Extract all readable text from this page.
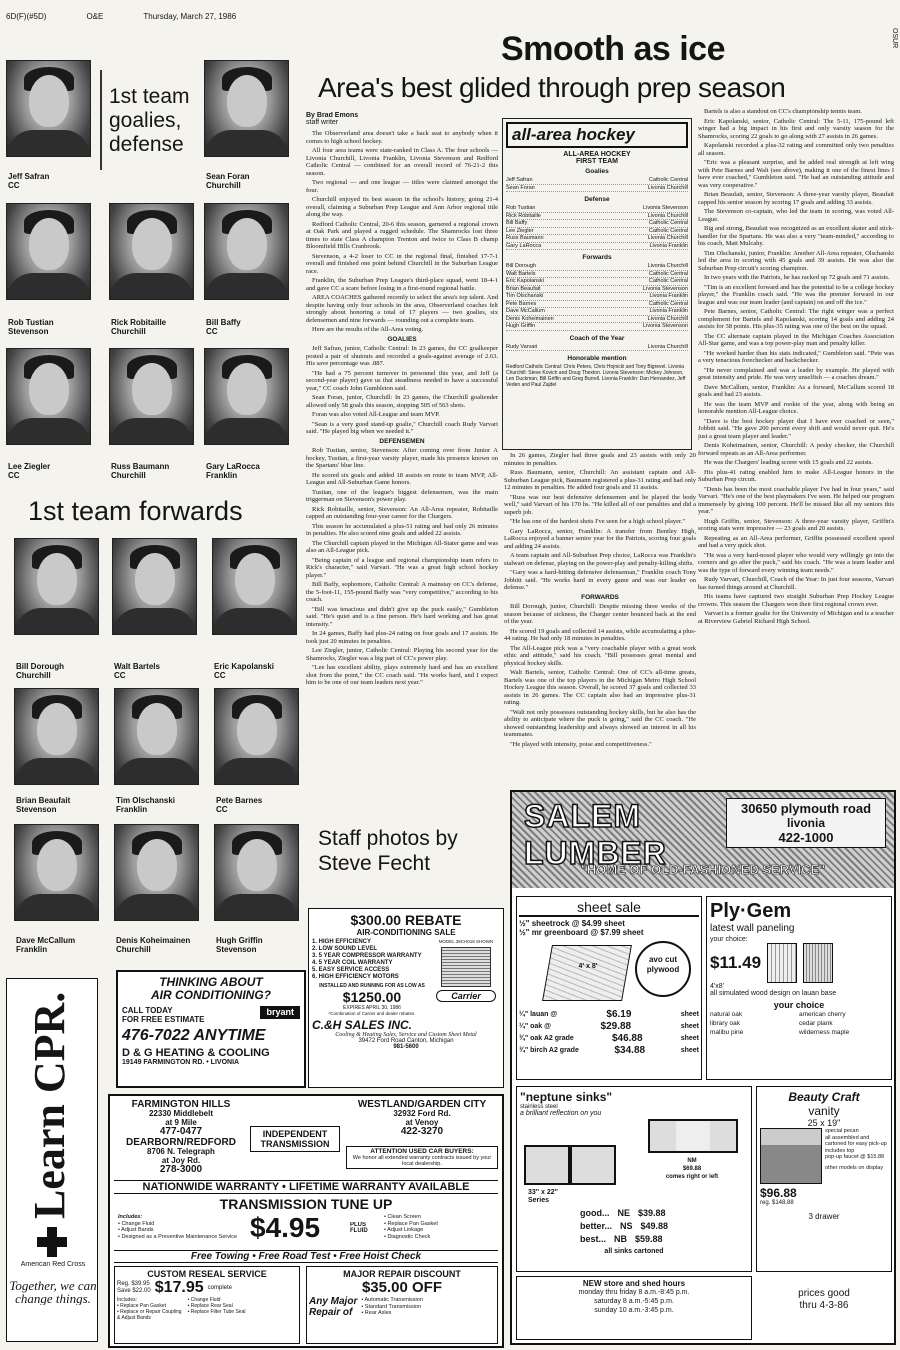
6D(F)(#5D)	O&E	Thursday, March 27, 1986
OSUR
Smooth as ice
Area's best glided through prep season
1st team
goalies,
defense
Jeff Safran
CC
Sean Foran
Churchill
Rob Tustian
Stevenson
Rick Robitaille
Churchill
Bill Baffy
CC
Lee Ziegler
CC
Russ Baumann
Churchill
Gary LaRocca
Franklin
1st team forwards
Bill Dorough
Churchill
Walt Bartels
CC
Eric Kapolanski
CC
Brian Beaufait
Stevenson
Tim Olschanski
Franklin
Pete Barnes
CC
Dave McCallum
Franklin
Denis Koheimainen
Churchill
Hugh Griffin
Stevenson
By Brad Emons
staff writer

The Observerland area doesn't take a back seat to anybody when it comes to high school hockey.

All four area teams were state-ranked in Class A. The four schools — Livonia Churchill, Livonia Franklin, Livonia Stevenson and Redford Catholic Central — combined for an overall record of 76-21-2 this season.

Two regional — and one league — titles were claimed amongst the four.

Churchill enjoyed its best season in the school's history, going 21-4 overall, claiming a Suburban Prep League and Ann Arbor regional title along the way.

Redford Catholic Central, 20-6 this season, garnered a regional crown at Oak Park and played a rugged schedule. The Shamrocks lost three times to state Class A champion Trenton and twice to Class B champ Bloomfield Hills Cranbrook.

Stevenson, a 4-2 loser to CC in the regional final, finished 17-7-1 overall and finished one point behind Churchill in the Suburban League race.

Franklin, the Suburban Prep League's third-place squad, went 18-4-1 and gave CC a scare before losing in a first-round regional battle.

AREA COACHES gathered recently to select the area's top talent. And despite having only four schools in the area, Observerland coaches felt strongly about honoring a total of 17 players — two goalies, six defensemen and nine forwards — rounding out a complete team.

Here are the results of the All-Area voting.

GOALIES

Jeff Safran, junior, Catholic Central: In 23 games, the CC goalkeeper posted a pair of shutouts and recorded a goals-against average of 2.63. His save percentage was .887.

"He had a 75 percent turnover in personnel this year, and Jeff (a second-year player) gave us that steadiness needed to have a successful year," CC coach John Gumbleton said.

Sean Foran, junior, Churchill: In 23 games, the Churchill goaltender allowed only 58 goals this season, stopping 505 of 563 shots.

Foran was also voted All-League and team MVP.

"Sean is a very good stand-up goalie," Churchill coach Rudy Varvari said. "He played big when we needed it."

DEFENSEMEN

Rob Tustian, senior, Stevenson: After coming over from Junior A hockey, Tustian, a first-year varsity player, made his presence known on the Spartans' blue line.

He scored six goals and added 18 assists en route to team MVP, All-League and All-Suburban Game honors.

Tustian, one of the league's biggest defensemen, was the main triggerman on Stevenson's power play.

Rick Robitaille, senior, Stevenson: An All-Area repeater, Robitaille capped an outstanding four-year career for the Chargers.

This season he accumulated a plus-51 rating and had only 26 minutes in penalties. He also scored nine goals and added 22 assists.

The Churchill captain played in the Michigan All-Stater game and was also an All-League pick.

"Being captain of a league and regional championship team refers to Rick's character," said Varvari. "He was a great high school hockey player."

Bill Baffy, sophomore, Catholic Central: A mainstay on CC's defense, the 5-foot-11, 155-pound Baffy was "very competitive," according to his coach.

"Bill was tenacious and didn't give up the puck easily," Gumbleton said. "He's quiet and is a fine person. He's hard working and has great intensity."

In 24 games, Baffy had plus-24 rating on four goals and 17 assists. He took just 20 minutes in penalties.

Lee Ziegler, junior, Catholic Central: Playing his second year for the Shamrocks, Ziegler was a big part of CC's power play.

"Lee has excellent ability, plays extremely hard and has an excellent shot from the point," the CC coach said. "He works hard, and I expect him to be one of our team leaders next year."

all-area hockey
ALL-AREA HOCKEY
FIRST TEAM
Goalies
Jeff Safran	Catholic Central
Sean Foran	Livonia Churchill
Defense
Rob Tustian	Livonia Stevenson
Rick Robitaille	Livonia Churchill
Bill Baffy	Catholic Central
Lee Ziegler	Catholic Central
Russ Baumann	Livonia Churchill
Gary LaRocca	Livonia Franklin
Forwards
Bill Dorough	Livonia Churchill
Walt Bartels	Catholic Central
Eric Kapolanski	Catholic Central
Brian Beaufait	Livonia Stevenson
Tim Olschanski	Livonia Franklin
Pete Barnes	Catholic Central
Dave McCallum	Livonia Franklin
Denis Koheimainen	Livonia Churchill
Hugh Griffin	Livonia Stevenson
Coach of the Year
Rudy Varvari	Livonia Churchill
Honorable mention
Redford Catholic Central: Chris Peters, Chris Hojnicki and Tony Bigrevel. Livonia Churchill: Steve Kovich and Doug Thexton. Livonia Stevenson: Mickey Johnson, Len Duckman, Bill Griffin and Greg Burrell. Livonia Franklin: Dan Hernandez, Jeff Veden and Paul Zajdel

In 26 games, Ziegler had three goals and 23 assists with only 20 minutes in penalties.

Russ Baumann, senior, Churchill: An assistant captain and All-Suburban League pick, Baumann registered a plus-31 rating and had only 12 minutes in penalties. He added four goals and 11 assists.

"Russ was our best defensive defensemen and he played the body well," said Varvari of his 170 hs. "He killed all of our penalties and did a superb job.

"He has one of the hardest shots I've seen for a high school player."

Gary LaRocca, senior, Franklin: A transfer from Bentley High, LaRocca enjoyed a banner senior year for the Patriots, scoring four goals and adding 24 assists.

A team captain and All-Suburban Prep choice, LaRocca was Franklin's stalwart on defense, playing on the power-play and penalty-killing shifts.

"Gary was a hard-hitting defensive defenseman," Franklin coach Tony Jobbitt said. "He works hard in every game and was our leader on defense."

FORWARDS

Bill Dorough, junior, Churchill: Despite missing three weeks of the season because of sickness, the Charger center bounced back at the end of the year.

He scored 19 goals and collected 14 assists, while accumulating a plus-44 rating. He had only 18 minutes in penalties.

The All-League pick was a "very coachable player with a great work ethic and attitude," said his coach. "Bill possesses great mental and physical hockey skills.

Walt Bartels, senior, Catholic Central: One of CC's all-time greats, Bartels was one of the top players in the Michigan Metro High School Hockey League this season. Overall, he scored 37 goals and collected 33 assists in 26 games. The CC captain also had an impressive plus-31 rating.

"Walt not only possesses outstanding hockey skills, but he also has the ability to anticipate where the puck is going," said the CC coach. "He showed outstanding leadership and always showed an interest in all his teammates.

"He played with intensity, poise and competitiveness."

Bartels is also a standout on CC's championship tennis team.

Eric Kapolanski, senior, Catholic Central: The 5-11, 175-pound left winger had a big impact in his first and only varsity season for the Shamrocks, scoring 22 goals to go along with 27 assists in 26 games.

Kapolanski recorded a plus-32 rating and committed only two penalties all season.

"Eric was a pleasant surprise, and he added real strength at left wing with Pete Barnes and Walt (see above), making it one of the finest lines I have ever coached," Gumbleton said. "He had an outstanding attitude and was very cooperative."

Brian Beaufait, senior, Stevenson: A three-year varsity player, Beaufait capped his senior season by scoring 17 goals and adding 33 assists.

The Stevenson co-captain, who led the team in scoring, was voted All-League.

Big and strong, Beaufait was recognized as an excellent skater and stick-handler for the Spartans. He was also a very "team-minded," according to his coach, Matt Mulcahy.

Tim Olschanski, junior, Franklin: Another All-Area repeater, Olschanski led the area in scoring with 45 goals and 39 assists. He was also the Suburban Prep circuit's scoring champion.

In two years with the Patriots, he has racked up 72 goals and 71 assists.

"Tim is an excellent forward and has the potential to be a college hockey player," the Franklin coach said. "He was the premier forward in our league and was our team leader (and captain) on and off the ice."

Pete Barnes, senior, Catholic Central: The right winger was a perfect complement for Bartels and Kapolanski, scoring 14 goals and adding 24 assists for 38 points. His plus-35 rating was one of the best on the squad.

The CC alternate captain played in the Michigan Coaches Association All-Star game, and was a top power-play man and penalty killer.

"He worked harder than his stats indicated," Gumbleton said. "Pete was a very tenacious forechecker and backchecker.

"He never complained and was a leader by example. He played with great intensity and pride. He was very unselfish — a coaches dream."

Dave McCallum, senior, Franklin: As a forward, McCallum scored 18 goals and had 23 assists.

He was the team MVP and rookie of the year, along with being an honorable mention All-League choice.

"Dave is the best hockey player that I have ever coached or seen," Jobbitt said. "He gave 200 percent every shift and would never quit. He's just a great team player and leader."

Denis Koheimainen, senior, Churchill: A pesky checker, the Churchill forward repeats as an All-Area performer.

He was the Chargers' leading scorer with 15 goals and 22 assists.

His plus-41 rating enabled him to make All-League honors in the Suburban Prep circuit.

"Denis has been the most coachable player I've had in four years," said Varvari. "He's one of the best playmakers I've seen. He helped our program immensely by giving 100 percent. He'll be missed like all my seniors this year."

Hugh Griffin, senior, Stevenson: A three-year varsity player, Griffin's scoring stats were impressive — 23 goals and 20 assists.

Repeating as an All-Area performer, Griffin possessed excellent speed and had a very quick shot.

"He was a very hard-nosed player who would very willingly go into the corners and go after the puck," said his coach. "He was a team leader and was the type of forward every winning team needs."

Rudy Varvari, Churchill, Coach of the Year: In just four seasons, Varvari has turned things around at Churchill.

His teams have captured two straight Suburban Prep Hockey League crowns. This season the Chargers won their first regional crown ever.

Varvari is a former goalie for the University of Michigan and is a teacher at Riverview Gabriel Richard High School.

Staff photos by Steve Fecht
Learn CPR.
American Red Cross
Together, we can change things.
THINKING ABOUT
AIR CONDITIONING?
CALL TODAY
FOR FREE ESTIMATE
bryant
476-7022 ANYTIME
D & G HEATING & COOLING
19149 FARMINGTON RD. • LIVONIA
$300.00 REBATE
AIR-CONDITIONING SALE
1. HIGH EFFICIENCY
2. LOW SOUND LEVEL
3. 5 YEAR COMPRESSOR WARRANTY
4. 5 YEAR COIL WARRANTY
5. EASY SERVICE ACCESS
6. HIGH EFFICIENCY MOTORS
INSTALLED AND RUNNING FOR AS LOW AS
$1250.00
EXPIRES APRIL 30, 1986
*Combination of Carrier and dealer rebates.
MODEL 38CH018 SHOWN
Carrier
C.&H SALES INC.
Cooling & Heating Sales, Service and Custom Sheet Metal
39472 Ford Road Canton, Michigan
981-5600
FARMINGTON HILLS
22330 Middlebelt
at 9 Mile
477-0477
DEARBORN/REDFORD
8706 N. Telegraph
at Joy Rd.
278-3000
INDEPENDENT
TRANSMISSION
WESTLAND/GARDEN CITY
32932 Ford Rd.
at Venoy
422-3270
ATTENTION USED CAR BUYERS:
We honor all extended warranty contracts issued by your local dealership.
NATIONWIDE WARRANTY • LIFETIME WARRANTY AVAILABLE
TRANSMISSION TUNE UP
Includes:
• Change Fluid
• Adjust Bands
• Designed as a Preventive Maintenance Service $4.95	PLUS FLUID
• Clean Screen
• Replace Pan Gasket
• Adjust Linkage
• Diagnostic Check
Free Towing • Free Road Test • Free Hoist Check
CUSTOM RESEAL SERVICE
Reg. $39.95
Save $22.00 $17.95 complete
Includes:
• Replace Pan Gasket
• Replace or Repair Coupling
& Adjust Bands
• Change Fluid
• Replace Rear Seal
• Replace Filter Tube Seal
MAJOR REPAIR DISCOUNT
$35.00 OFF
Any Major
Repair of
• Automatic Transmission
• Standard Transmission
• Rear Axles
SALEM LUMBER
30650 plymouth road
livonia
422-1000
"HOME OF OLD-FASHIONED SERVICE"
sheet sale
½" sheetrock @ $4.99 sheet
½" mr greenboard @ $7.99 sheet
4' x 8'
avo cut plywood
¼" lauan @	$6.19	sheet
¼" oak @	$29.88	sheet
¾" oak A2 grade	$46.88	sheet
¾" birch A2 grade	$34.88	sheet
Ply·Gem
latest wall paneling
your choice:
$11.49
4'x8'
all simulated wood design on lauan base
your choice
natural oak	american cherry
library oak	cedar plank
malibu pine	wilderness maple
"neptune sinks"
stainless steel
a brilliant reflection on you
NM
$69.88
comes right or left
33" x 22"
Series
good... NE $39.88
better... NS $49.88
best... NB $59.88
all sinks cartoned
Beauty Craft
vanity
25 x 19"
$96.88
reg. $148.88
special pecan
all assembled and cartoned for easy pick-up
includes top
pop-up faucet @ $15.88
other models on display
3 drawer
NEW store and shed hours
monday thru friday 8 a.m.-8:45 p.m.
saturday 8 a.m.-5:45 p.m.
sunday 10 a.m.-3:45 p.m.
prices good
thru 4-3-86
